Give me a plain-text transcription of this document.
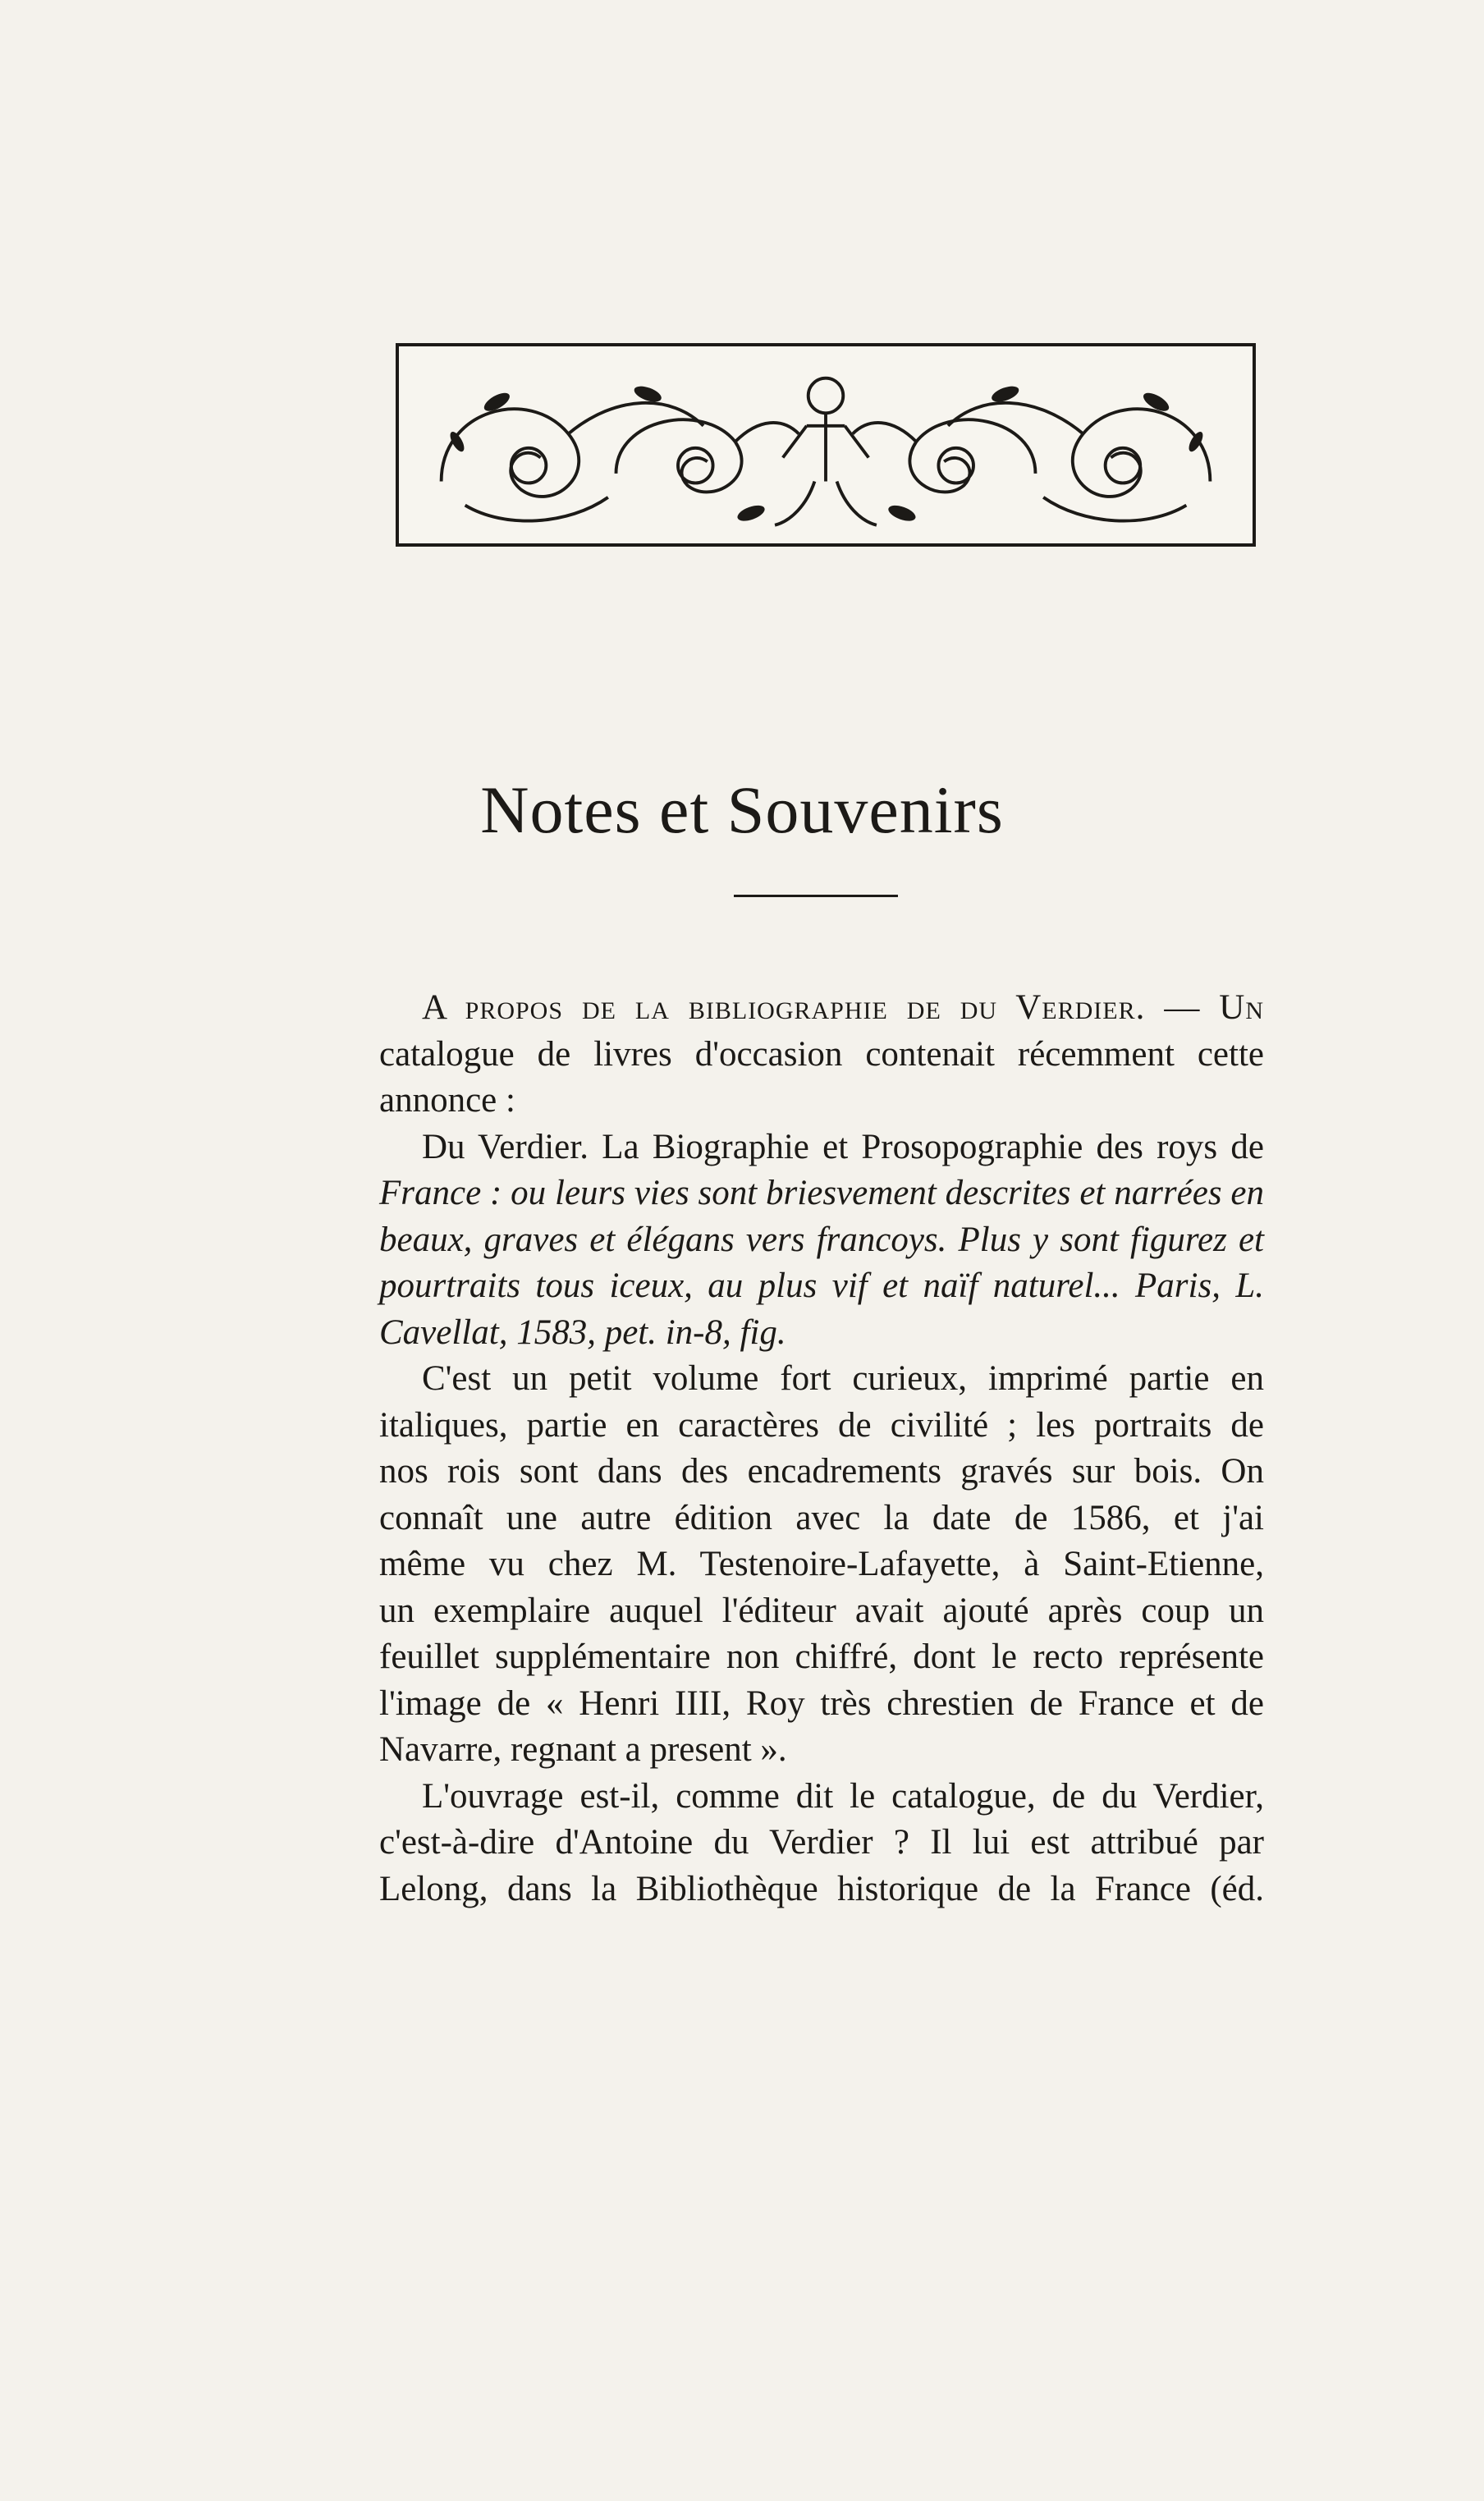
Notes et Souvenirs

A propos de la bibliographie de du Verdier. — Un
catalogue de livres d'occasion contenait récemment cette
annonce :

Du Verdier. La Biographie et Prosopographie des roys de
France : ou leurs vies sont briesvement descrites et narrées en
beaux, graves et élégans vers francoys. Plus y sont figurez et
pourtraits tous iceux, au plus vif et naïf naturel... Paris, L.
Cavellat, 1583, pet. in-8, fig.

C'est un petit volume fort curieux, imprimé partie en
italiques, partie en caractères de civilité ; les portraits de
nos rois sont dans des encadrements gravés sur bois. On
connaît une autre édition avec la date de 1586, et j'ai
même vu chez M. Testenoire-Lafayette, à Saint-Etienne,
un exemplaire auquel l'éditeur avait ajouté après coup un
feuillet supplémentaire non chiffré, dont le recto représente
l'image de « Henri IIII, Roy très chrestien de France et de
Navarre, regnant a present ».

L'ouvrage est-il, comme dit le catalogue, de du Verdier,
c'est-à-dire d'Antoine du Verdier ? Il lui est attribué par
Lelong, dans la Bibliothèque historique de la France (éd.
